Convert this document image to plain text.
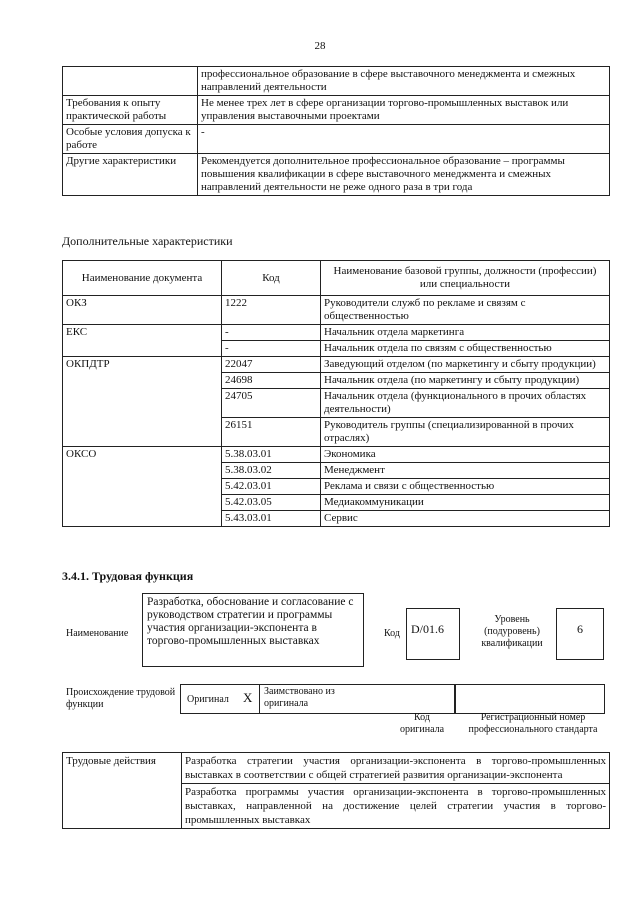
28
	профессиональное образование в сфере выставочного менеджмента и смежных направлений деятельности
Требования к опыту практической работы	Не менее трех лет в сфере организации торгово-промышленных выставок или управления выставочными проектами
Особые условия допуска к работе	-
Другие характеристики	Рекомендуется дополнительное профессиональное образование – программы повышения квалификации в сфере выставочного менеджмента и смежных направлений деятельности не реже одного раза в три года
Дополнительные характеристики
Наименование документа	Код	Наименование базовой группы, должности (профессии) или специальности
ОКЗ	1222	Руководители служб по рекламе и связям с общественностью
ЕКС	-	Начальник отдела маркетинга
	-	Начальник отдела по связям с общественностью
ОКПДТР	22047	Заведующий отделом (по маркетингу и сбыту продукции)
	24698	Начальник отдела (по маркетингу и сбыту продукции)
	24705	Начальник отдела (функционального в прочих областях деятельности)
	26151	Руководитель группы (специализированной в прочих отраслях)
ОКСО	5.38.03.01	Экономика
	5.38.03.02	Менеджмент
	5.42.03.01	Реклама и связи с общественностью
	5.42.03.05	Медиакоммуникации
	5.43.03.01	Сервис
3.4.1. Трудовая функция
Наименование
Разработка, обоснование и согласование с руководством стратегии и программы участия организации-экспонента в торгово-промышленных выставках
Код D/01.6
Уровень (подуровень) квалификации
6
Происхождение трудовой функции	Оригинал X Заимствовано из оригинала
Код оригинала
Регистрационный номер профессионального стандарта
Трудовые действия	Разработка стратегии участия организации-экспонента в торгово-промышленных выставках в соответствии с общей стратегией развития организации-экспонента
Разработка программы участия организации-экспонента в торгово-промышленных выставках, направленной на достижение целей стратегии участия в торгово-промышленных выставках
